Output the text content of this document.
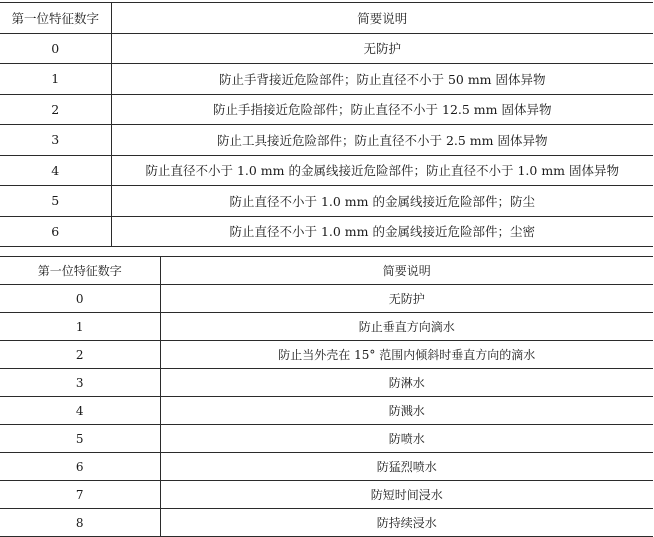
第一位特征数字	简要说明
0	无防护
1	防止手背接近危险部件；防止直径不小于 50 mm 固体异物
2	防止手指接近危险部件；防止直径不小于 12.5 mm 固体异物
3	防止工具接近危险部件；防止直径不小于 2.5 mm 固体异物
4	防止直径不小于 1.0 mm 的金属线接近危险部件；防止直径不小于 1.0 mm 固体异物
5	防止直径不小于 1.0 mm 的金属线接近危险部件；防尘
6	防止直径不小于 1.0 mm 的金属线接近危险部件；尘密
第一位特征数字	简要说明
0	无防护
1	防止垂直方向滴水
2	防止当外壳在 15° 范围内倾斜时垂直方向的滴水
3	防淋水
4	防溅水
5	防喷水
6	防猛烈喷水
7	防短时间浸水
8	防持续浸水
